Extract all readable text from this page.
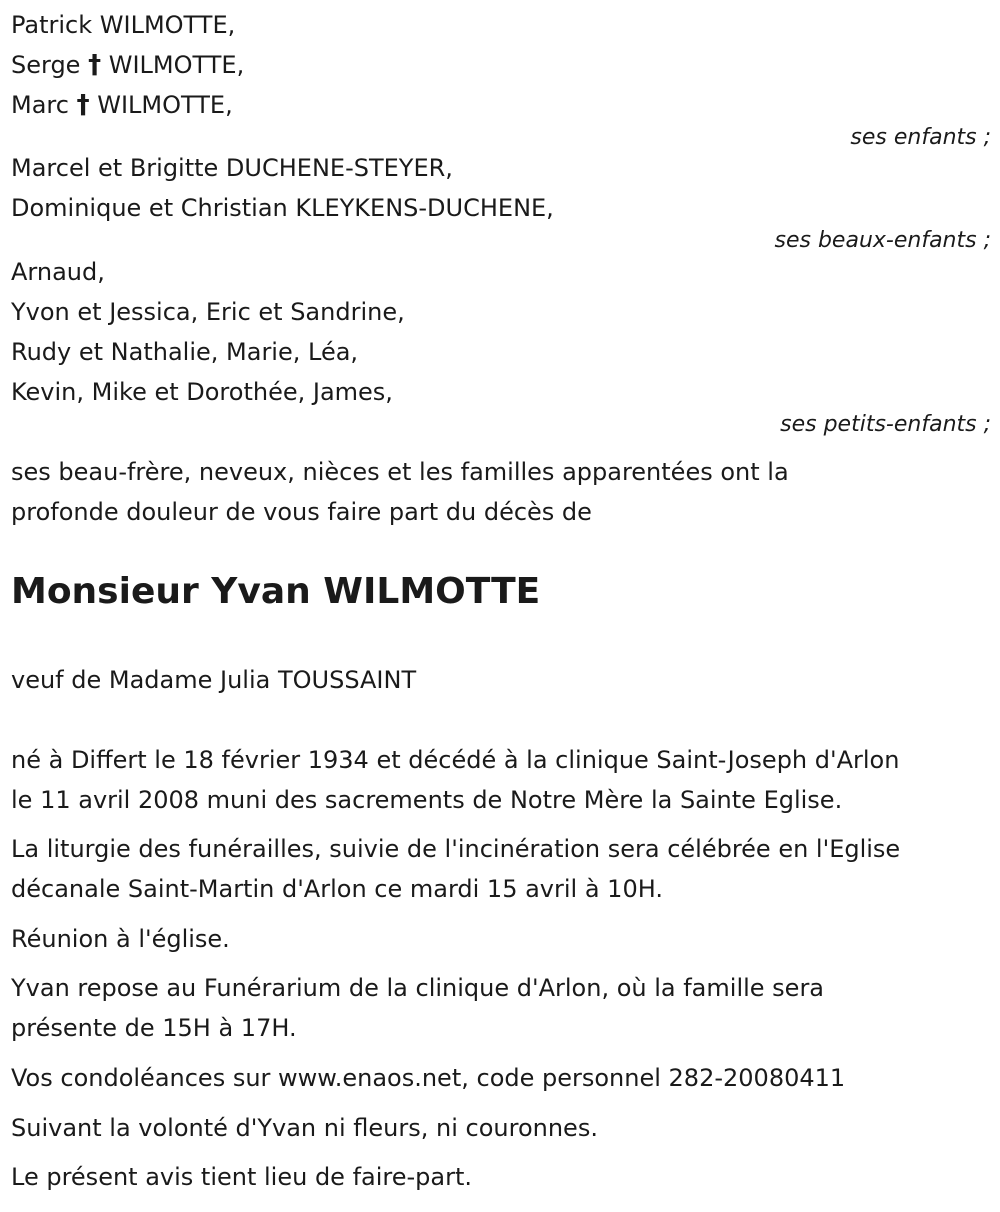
Patrick WILMOTTE,
Serge † WILMOTTE,
Marc † WILMOTTE,
ses enfants ;
Marcel et Brigitte DUCHENE-STEYER,
Dominique et Christian KLEYKENS-DUCHENE,
ses beaux-enfants ;
Arnaud,
Yvon et Jessica, Eric et Sandrine,
Rudy et Nathalie, Marie, Léa,
Kevin, Mike et Dorothée, James,
ses petits-enfants ;
ses beau-frère, neveux, nièces et les familles apparentées ont la
profonde douleur de vous faire part du décès de
Monsieur Yvan WILMOTTE
veuf de Madame Julia TOUSSAINT
né à Differt le 18 février 1934 et décédé à la clinique Saint-Joseph d'Arlon
le 11 avril 2008 muni des sacrements de Notre Mère la Sainte Eglise.
La liturgie des funérailles, suivie de l'incinération sera célébrée en l'Eglise
décanale Saint-Martin d'Arlon ce mardi 15 avril à 10H.
Réunion à l'église.
Yvan repose au Funérarium de la clinique d'Arlon, où la famille sera
présente de 15H à 17H.
Vos condoléances sur www.enaos.net, code personnel 282-20080411
Suivant la volonté d'Yvan ni fleurs, ni couronnes.
Le présent avis tient lieu de faire-part.
